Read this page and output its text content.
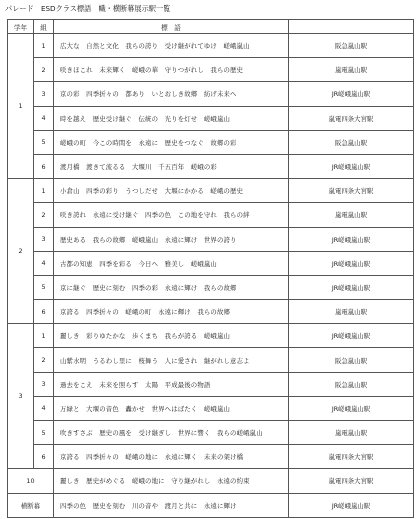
パレード　ESDクラス標語　幟・横断幕展示駅一覧
学年	組	標　語	
1	1	広大な　自然と文化　我らの誇り　受け継がれてゆけ　嵯峨嵐山	阪急嵐山駅
	2	咲きほこれ　未来輝く　嵯峨の華　守りつがれし　我らの歴史	嵐電嵐山駅
	3	京の彩　四季折々の　都あり　いとおしき故郷　紡げ未来へ	JR嵯峨嵐山駅
	4	時を越え　歴史受け継ぐ　伝統の　光りを灯せ　嵯峨嵐山	嵐電四条大宮駅
	5	嵯峨の町　今この時間を　永遠に　歴史をつなぐ　故郷の彩	阪急嵐山駅
	6	渡月橋　渡きて流るる　大堰川　千五百年　嵯峨の彩	JR嵯峨嵐山駅
2	1	小倉山　四季の彩り　うつしだせ　大堰にかかる　嵯峨の歴史	嵐電四条大宮駅
	2	咲き誇れ　永遠に受け継ぐ　四季の色　この地を守れ　我らの絆	嵐電嵐山駅
	3	歴史ある　我らの故郷　嵯峨嵐山　永遠に輝け　世界の誇り	JR嵯峨嵐山駅
	4	古都の知恵　四季を彩る　今日へ　雅美し　嵯峨嵐山	JR嵯峨嵐山駅
	5	京に継ぐ　歴史に刻む　四季の彩　永遠に輝け　我らの故郷	JR嵯峨嵐山駅
	6	京誇る　四季折々の　嵯峨の町　永遠に輝け　我らの故郷	嵐電嵐山駅
3	1	麗しき　彩りゆたかな　歩くまち　我らが誇る　嵯峨嵐山	JR嵯峨嵐山駅
	2	山紫水明　うるわし里に　桜舞う　人に愛され　継がれし意志よ	阪急嵐山駅
	3	過去をこえ　未来を照らす　太陽　平成最後の物語	阪急嵐山駅
	4	万緑と　大堰の音色　轟かせ　世界へはばたく　嵯峨嵐山	JR嵯峨嵐山駅
	5	吹きすさぶ　歴史の風を　受け継ぎし　世界に響く　我らの嵯峨嵐山	嵐電嵐山駅
	6	京誇る　四季折々の　嵯峨の地に　永遠に輝く　未来の架け橋	嵐電四条大宮駅
10		麗しき　歴史がめぐる　嵯峨の地に　守り継がれし　永遠の約束	嵐電四条大宮駅
横断幕		四季の色　歴史を刻む　川の音や　渡月と共に　永遠に輝け	JR嵯峨嵐山駅
